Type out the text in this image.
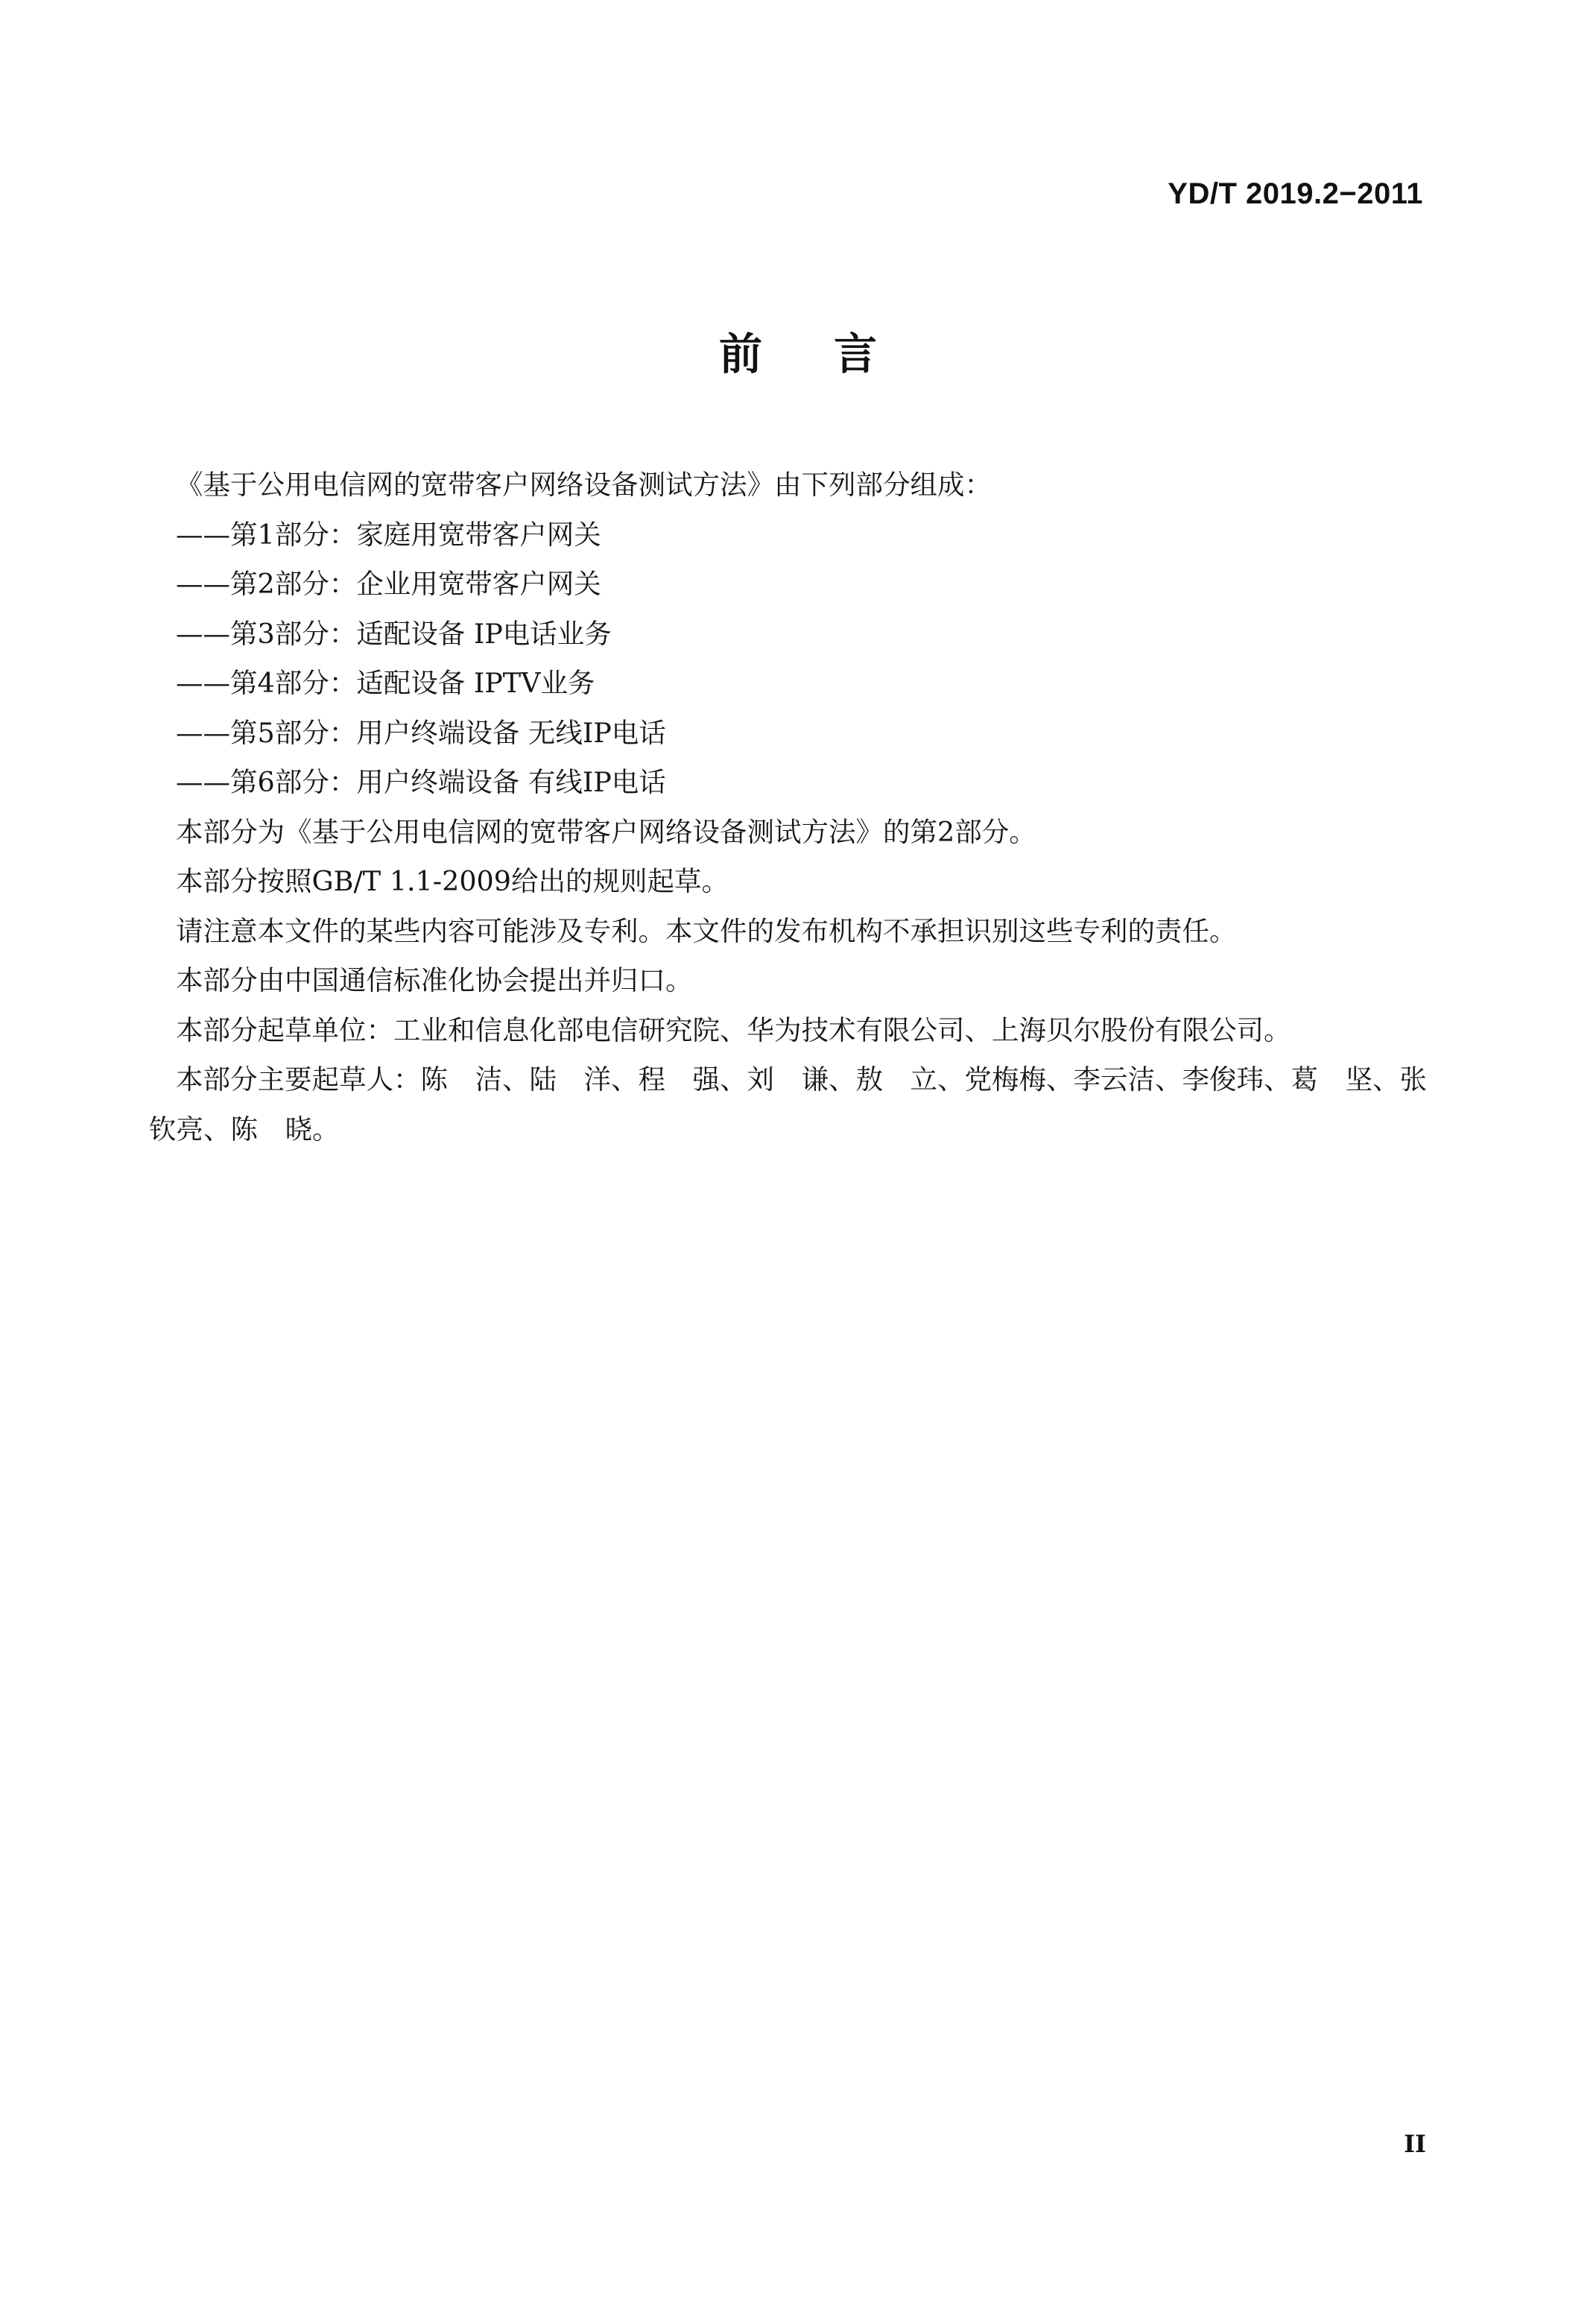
YD/T 2019.2−2011
前言

《基于公用电信网的宽带客户网络设备测试方法》由下列部分组成：

——第1部分：家庭用宽带客户网关

——第2部分：企业用宽带客户网关

——第3部分：适配设备 IP电话业务

——第4部分：适配设备 IPTV业务

——第5部分：用户终端设备 无线IP电话

——第6部分：用户终端设备 有线IP电话

本部分为《基于公用电信网的宽带客户网络设备测试方法》的第2部分。

本部分按照GB/T 1.1-2009给出的规则起草。

请注意本文件的某些内容可能涉及专利。本文件的发布机构不承担识别这些专利的责任。

本部分由中国通信标准化协会提出并归口。

本部分起草单位：工业和信息化部电信研究院、华为技术有限公司、上海贝尔股份有限公司。

本部分主要起草人：陈　洁、陆　洋、程　强、刘　谦、敖　立、党梅梅、李云洁、李俊玮、葛　坚、张钦亮、陈　晓。

II
